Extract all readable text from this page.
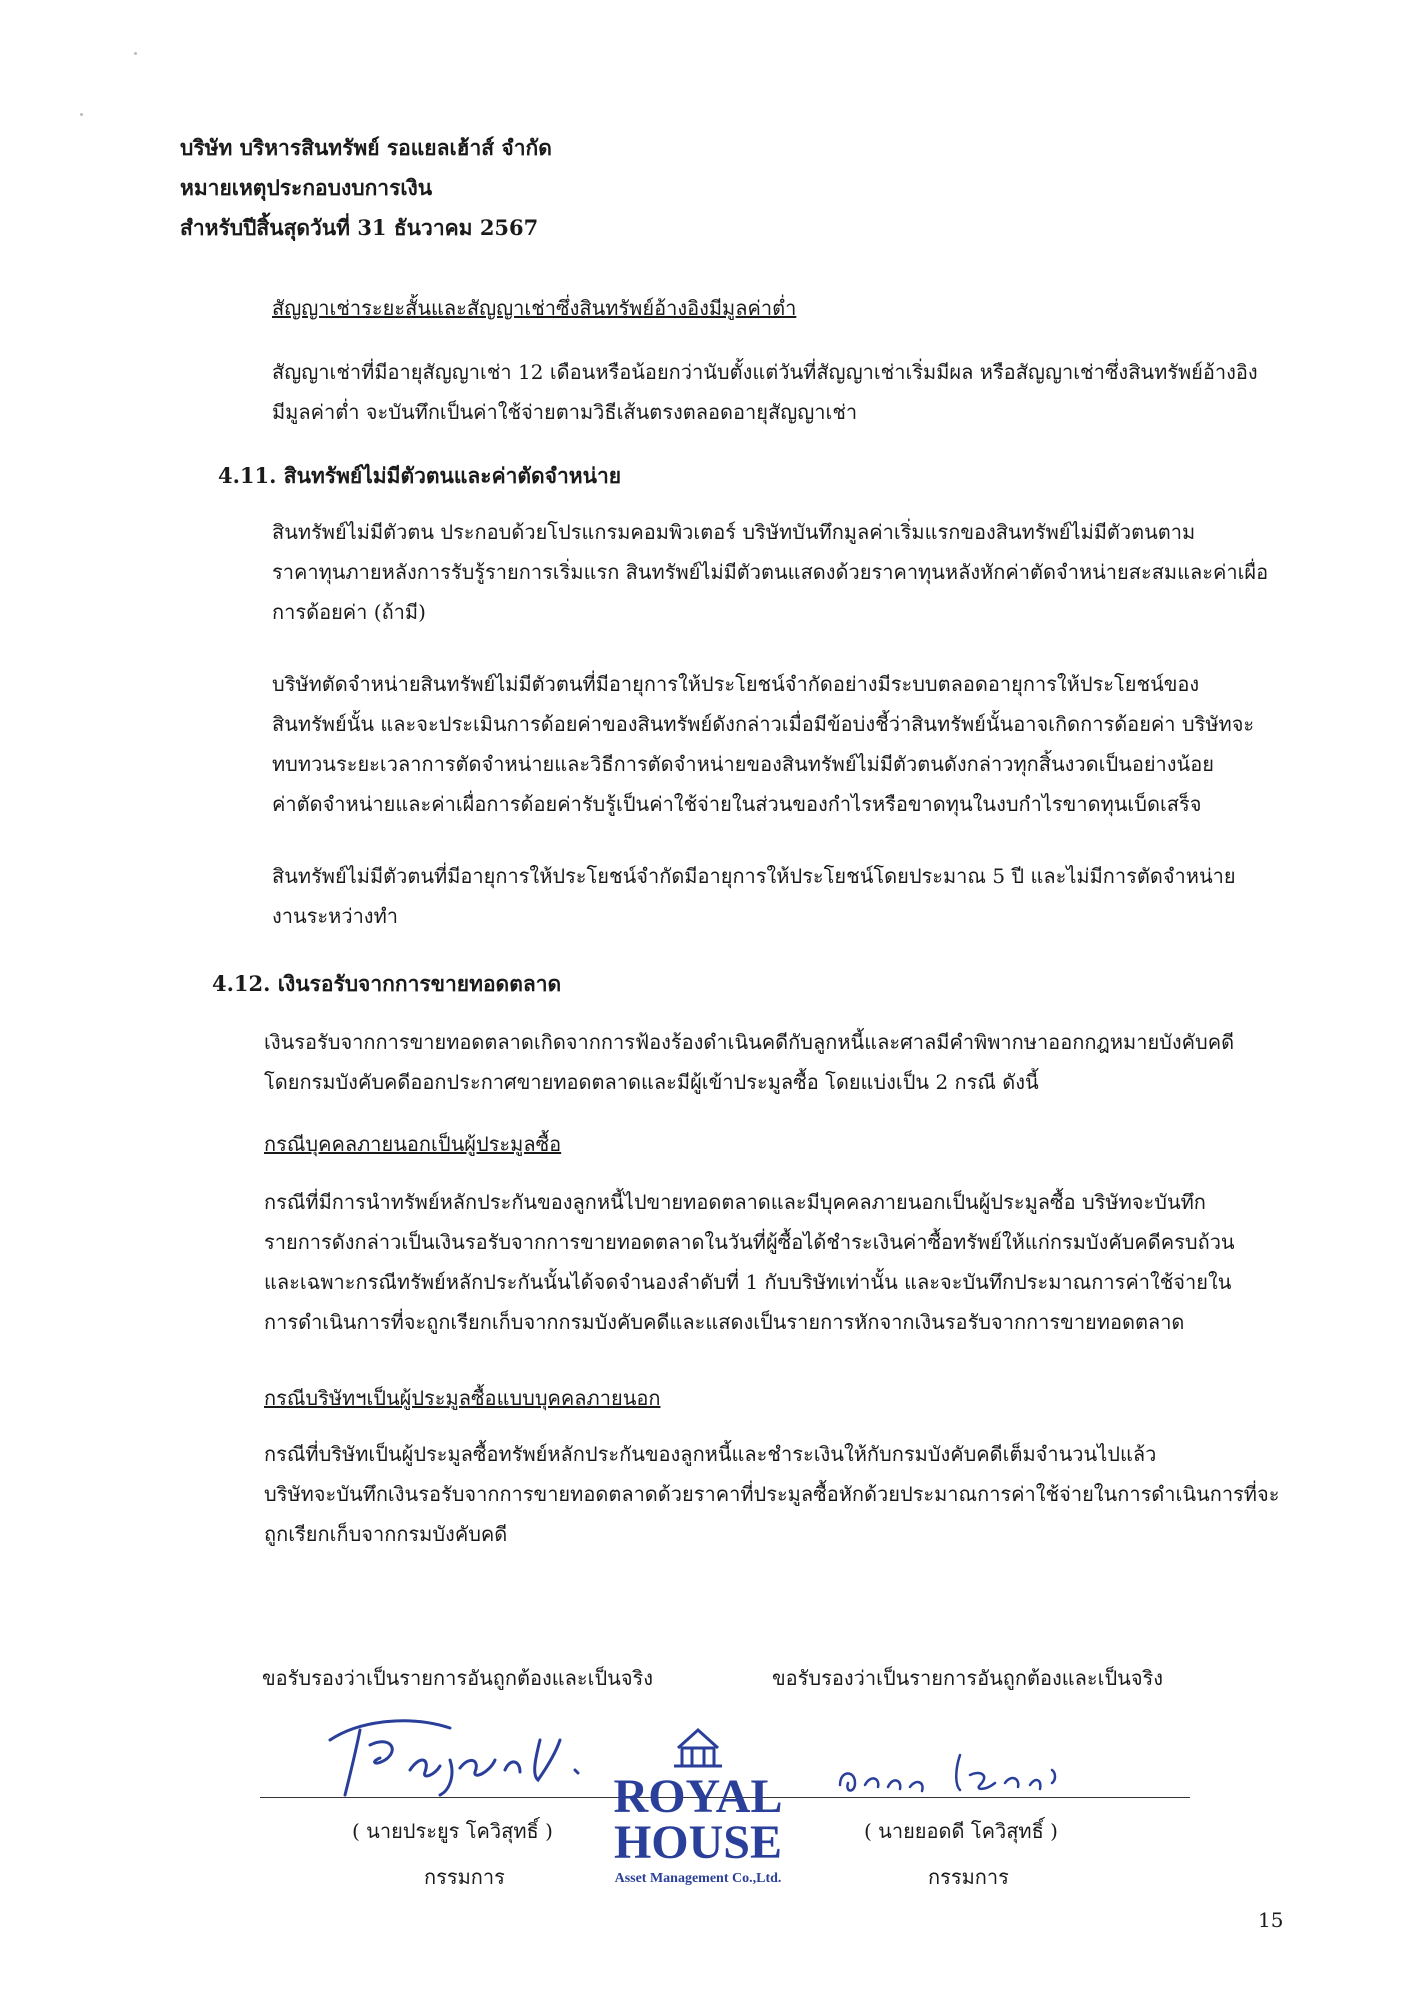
บริษัท บริหารสินทรัพย์ รอแยลเฮ้าส์ จำกัด
หมายเหตุประกอบงบการเงิน
สำหรับปีสิ้นสุดวันที่ 31 ธันวาคม 2567
สัญญาเช่าระยะสั้นและสัญญาเช่าซึ่งสินทรัพย์อ้างอิงมีมูลค่าต่ำ
สัญญาเช่าที่มีอายุสัญญาเช่า 12 เดือนหรือน้อยกว่านับตั้งแต่วันที่สัญญาเช่าเริ่มมีผล หรือสัญญาเช่าซึ่งสินทรัพย์อ้างอิง
มีมูลค่าต่ำ จะบันทึกเป็นค่าใช้จ่ายตามวิธีเส้นตรงตลอดอายุสัญญาเช่า
4.11. สินทรัพย์ไม่มีตัวตนและค่าตัดจำหน่าย
สินทรัพย์ไม่มีตัวตน ประกอบด้วยโปรแกรมคอมพิวเตอร์ บริษัทบันทึกมูลค่าเริ่มแรกของสินทรัพย์ไม่มีตัวตนตาม
ราคาทุนภายหลังการรับรู้รายการเริ่มแรก สินทรัพย์ไม่มีตัวตนแสดงด้วยราคาทุนหลังหักค่าตัดจำหน่ายสะสมและค่าเผื่อ
การด้อยค่า (ถ้ามี)
บริษัทตัดจำหน่ายสินทรัพย์ไม่มีตัวตนที่มีอายุการให้ประโยชน์จำกัดอย่างมีระบบตลอดอายุการให้ประโยชน์ของ
สินทรัพย์นั้น และจะประเมินการด้อยค่าของสินทรัพย์ดังกล่าวเมื่อมีข้อบ่งชี้ว่าสินทรัพย์นั้นอาจเกิดการด้อยค่า บริษัทจะ
ทบทวนระยะเวลาการตัดจำหน่ายและวิธีการตัดจำหน่ายของสินทรัพย์ไม่มีตัวตนดังกล่าวทุกสิ้นงวดเป็นอย่างน้อย
ค่าตัดจำหน่ายและค่าเผื่อการด้อยค่ารับรู้เป็นค่าใช้จ่ายในส่วนของกำไรหรือขาดทุนในงบกำไรขาดทุนเบ็ดเสร็จ
สินทรัพย์ไม่มีตัวตนที่มีอายุการให้ประโยชน์จำกัดมีอายุการให้ประโยชน์โดยประมาณ 5 ปี และไม่มีการตัดจำหน่าย
งานระหว่างทำ
4.12. เงินรอรับจากการขายทอดตลาด
เงินรอรับจากการขายทอดตลาดเกิดจากการฟ้องร้องดำเนินคดีกับลูกหนี้และศาลมีคำพิพากษาออกกฎหมายบังคับคดี
โดยกรมบังคับคดีออกประกาศขายทอดตลาดและมีผู้เข้าประมูลซื้อ โดยแบ่งเป็น 2 กรณี ดังนี้
กรณีบุคคลภายนอกเป็นผู้ประมูลซื้อ
กรณีที่มีการนำทรัพย์หลักประกันของลูกหนี้ไปขายทอดตลาดและมีบุคคลภายนอกเป็นผู้ประมูลซื้อ บริษัทจะบันทึก
รายการดังกล่าวเป็นเงินรอรับจากการขายทอดตลาดในวันที่ผู้ซื้อได้ชำระเงินค่าซื้อทรัพย์ให้แก่กรมบังคับคดีครบถ้วน
และเฉพาะกรณีทรัพย์หลักประกันนั้นได้จดจำนองลำดับที่ 1 กับบริษัทเท่านั้น และจะบันทึกประมาณการค่าใช้จ่ายใน
การดำเนินการที่จะถูกเรียกเก็บจากกรมบังคับคดีและแสดงเป็นรายการหักจากเงินรอรับจากการขายทอดตลาด
กรณีบริษัทฯเป็นผู้ประมูลซื้อแบบบุคคลภายนอก
กรณีที่บริษัทเป็นผู้ประมูลซื้อทรัพย์หลักประกันของลูกหนี้และชำระเงินให้กับกรมบังคับคดีเต็มจำนวนไปแล้ว
บริษัทจะบันทึกเงินรอรับจากการขายทอดตลาดด้วยราคาที่ประมูลซื้อหักด้วยประมาณการค่าใช้จ่ายในการดำเนินการที่จะ
ถูกเรียกเก็บจากกรมบังคับคดี
ขอรับรองว่าเป็นรายการอันถูกต้องและเป็นจริง	ขอรับรองว่าเป็นรายการอันถูกต้องและเป็นจริง
( นายประยูร โควิสุทธิ์ )	( นายยอดดี โควิสุทธิ์ )
กรรมการ	กรรมการ
ROYAL
HOUSE
Asset Management Co.,Ltd.
15
